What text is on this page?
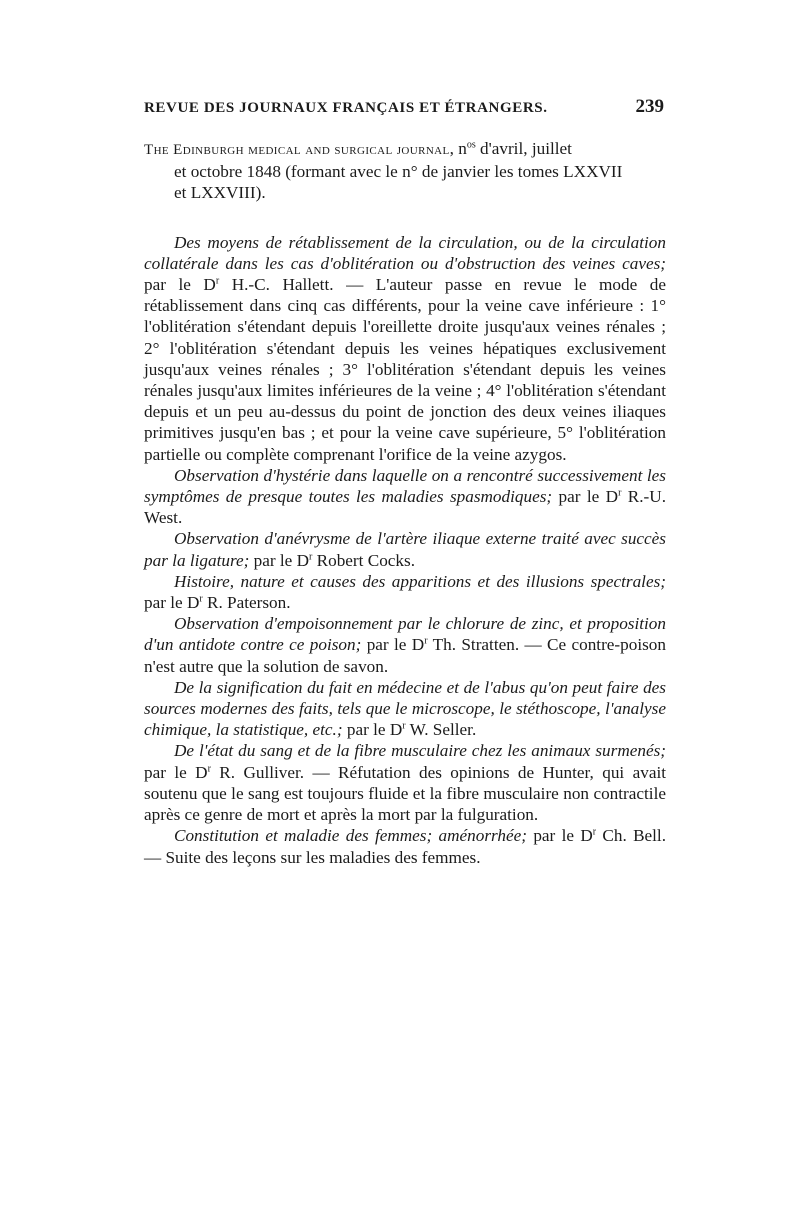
REVUE DES JOURNAUX FRANÇAIS ET ÉTRANGERS.	239

The Edinburgh medical and surgical journal, $n^{os}$ d'avril, juillet
et octobre 1848 (formant avec le n° de janvier les tomes LXXVII
et LXXVIII).

Des moyens de rétablissement de la circulation, ou de la circulation collatérale dans les cas d'oblitération ou d'obstruction des veines caves; par le $D^r$ H.-C. Hallett. — L'auteur passe en revue le mode de rétablissement dans cinq cas différents, pour la veine cave inférieure : 1° l'oblitération s'étendant depuis l'oreillette droite jusqu'aux veines rénales ; 2° l'oblitération s'étendant depuis les veines hépatiques exclusivement jusqu'aux veines rénales ; 3° l'oblitération s'étendant depuis les veines rénales jusqu'aux limites inférieures de la veine ; 4° l'oblitération s'étendant depuis et un peu au-dessus du point de jonction des deux veines iliaques primitives jusqu'en bas ; et pour la veine cave supérieure, 5° l'oblitération partielle ou complète comprenant l'orifice de la veine azygos.

Observation d'hystérie dans laquelle on a rencontré successivement les symptômes de presque toutes les maladies spasmodiques; par le $D^r$ R.-U. West.

Observation d'anévrysme de l'artère iliaque externe traité avec succès par la ligature; par le $D^r$ Robert Cocks.

Histoire, nature et causes des apparitions et des illusions spectrales; par le $D^r$ R. Paterson.

Observation d'empoisonnement par le chlorure de zinc, et proposition d'un antidote contre ce poison; par le $D^r$ Th. Stratten. — Ce contre-poison n'est autre que la solution de savon.

De la signification du fait en médecine et de l'abus qu'on peut faire des sources modernes des faits, tels que le microscope, le stéthoscope, l'analyse chimique, la statistique, etc.; par le $D^r$ W. Seller.

De l'état du sang et de la fibre musculaire chez les animaux surmenés; par le $D^r$ R. Gulliver. — Réfutation des opinions de Hunter, qui avait soutenu que le sang est toujours fluide et la fibre musculaire non contractile après ce genre de mort et après la mort par la fulguration.

Constitution et maladie des femmes; aménorrhée; par le $D^r$ Ch. Bell. — Suite des leçons sur les maladies des femmes.
